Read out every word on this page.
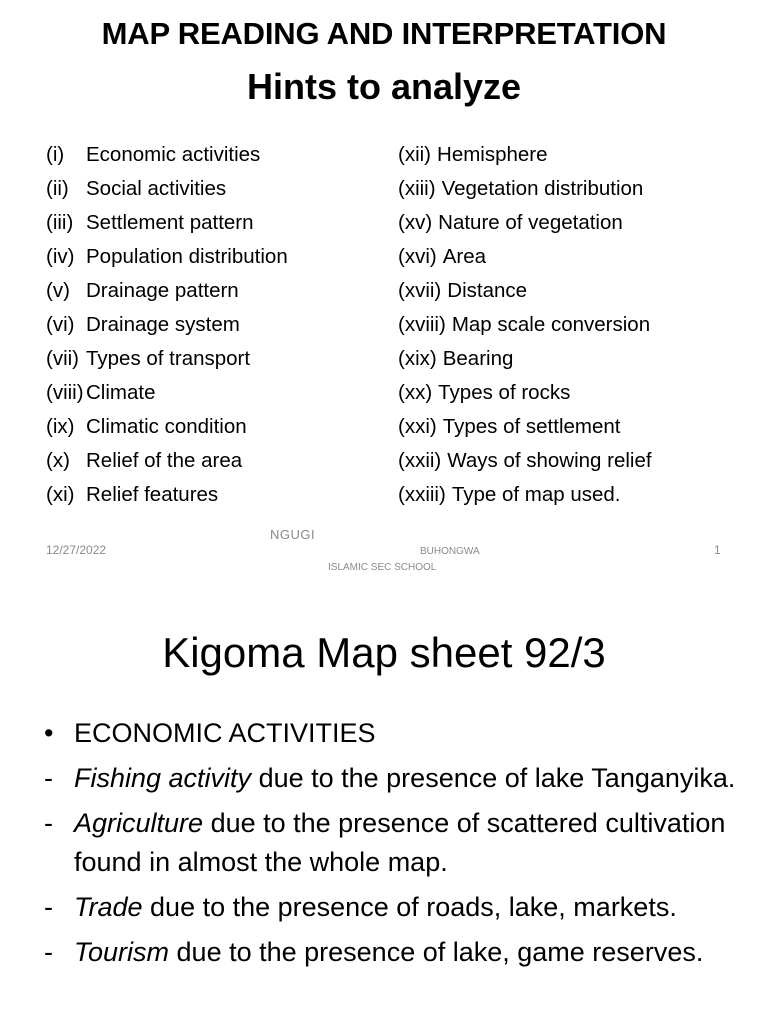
MAP READING AND INTERPRETATION
Hints to analyze
(i) Economic activities
(ii) Social activities
(iii) Settlement pattern
(iv) Population distribution
(v) Drainage pattern
(vi) Drainage system
(vii) Types of transport
(viii) Climate
(ix) Climatic condition
(x) Relief of the area
(xi) Relief features
(xii) Hemisphere
(xiii) Vegetation distribution
(xv) Nature of vegetation
(xvi) Area
(xvii) Distance
(xviii) Map scale conversion
(xix) Bearing
(xx) Types of rocks
(xxi) Types of settlement
(xxii) Ways of showing relief
(xxiii) Type of map used.
12/27/2022
NGUGI
BUHONGWA
ISLAMIC SEC SCHOOL
1
Kigoma Map sheet 92/3
• ECONOMIC ACTIVITIES
- Fishing activity due to the presence of lake Tanganyika.
- Agriculture due to the presence of scattered cultivation found in almost the whole map.
- Trade due to the presence of roads, lake, markets.
- Tourism due to the presence of lake, game reserves.
